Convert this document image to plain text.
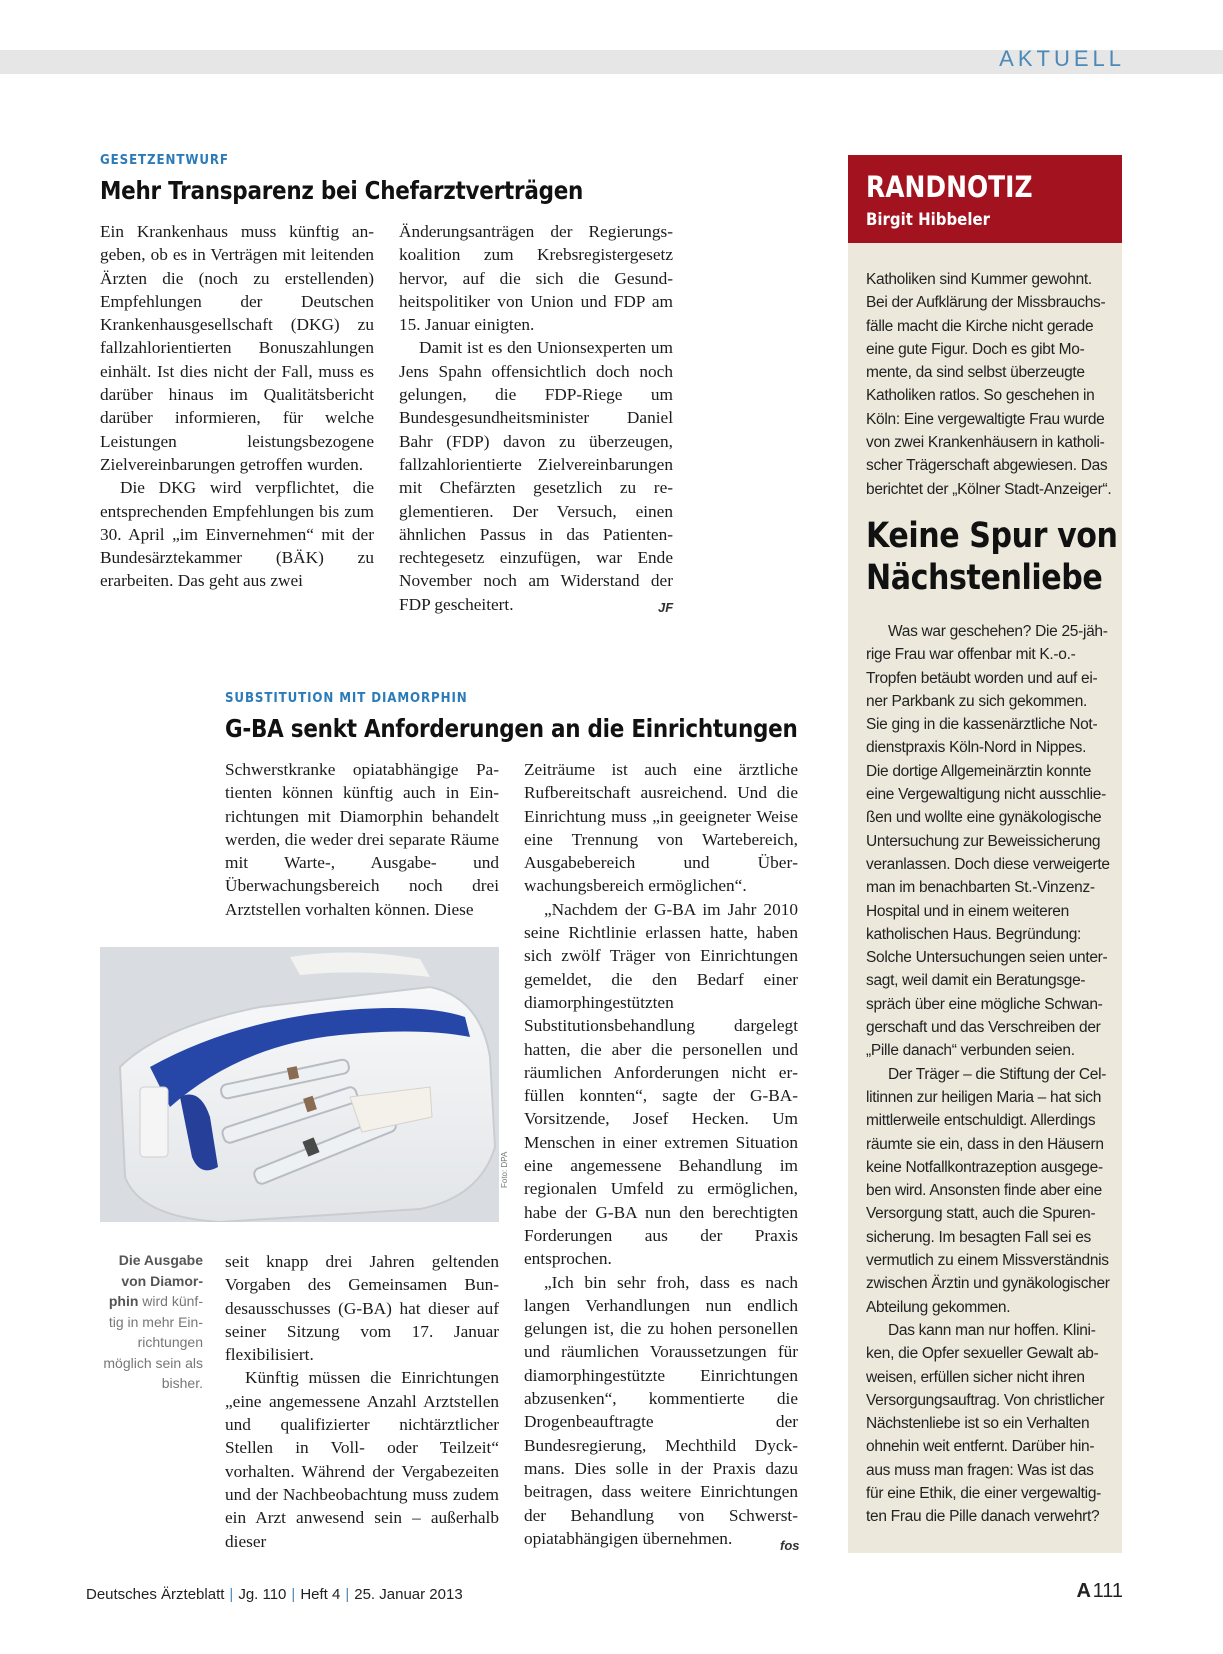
AKTUELL
GESETZENTWURF
Mehr Transparenz bei Chefarztverträgen

Ein Krankenhaus muss künftig angeben, ob es in Verträgen mit leitenden Ärzten die (noch zu erstellenden) Empfehlungen der Deutschen Krankenhausgesellschaft (DKG) zu fallzahlorientierten Bonuszahlungen einhält. Ist dies nicht der Fall, muss es darüber hinaus im Qualitätsbericht darüber informieren, für welche Leistungen leistungsbezogene Zielvereinbarungen getroffen wurden.

Die DKG wird verpflichtet, die entsprechenden Empfehlungen bis zum 30. April „im Einvernehmen“ mit der Bundesärztekammer (BÄK) zu erarbeiten. Das geht aus zwei

Änderungsanträgen der Regierungskoalition zum Krebsregistergesetz hervor, auf die sich die Gesundheitspolitiker von Union und FDP am 15. Januar einigten.

Damit ist es den Unionsexperten um Jens Spahn offensichtlich doch noch gelungen, die FDP-Riege um Bundesgesundheitsminister Daniel Bahr (FDP) davon zu überzeugen, fallzahlorientierte Zielvereinbarungen mit Chefärzten gesetzlich zu reglementieren. Der Versuch, einen ähnlichen Passus in das Patientenrechtegesetz einzufügen, war Ende November noch am Widerstand der FDP gescheitert.	JF
SUBSTITUTION MIT DIAMORPHIN
G-BA senkt Anforderungen an die Einrichtungen

Schwerstkranke opiatabhängige Patienten können künftig auch in Einrichtungen mit Diamorphin behandelt werden, die weder drei separate Räume mit Warte-, Ausgabe- und Überwachungsbereich noch drei Arztstellen vorhalten können. Diese

Foto: DPA
Die Ausgabe von Diamorphin wird künftig in mehr Einrichtungen möglich sein als bisher.

seit knapp drei Jahren geltenden Vorgaben des Gemeinsamen Bundesausschusses (G-BA) hat dieser auf seiner Sitzung vom 17. Januar flexibilisiert.

Künftig müssen die Einrichtungen „eine angemessene Anzahl Arztstellen und qualifizierter nichtärztlicher Stellen in Voll- oder Teilzeit“ vorhalten. Während der Vergabezeiten und der Nachbeobachtung muss zudem ein Arzt anwesend sein – außerhalb dieser

Zeiträume ist auch eine ärztliche Rufbereitschaft ausreichend. Und die Einrichtung muss „in geeigneter Weise eine Trennung von Wartebereich, Ausgabebereich und Überwachungsbereich ermöglichen“.

„Nachdem der G-BA im Jahr 2010 seine Richtlinie erlassen hatte, haben sich zwölf Träger von Einrichtungen gemeldet, die den Bedarf einer diamorphingestützten Substitutionsbehandlung dargelegt hatten, die aber die personellen und räumlichen Anforderungen nicht erfüllen konnten“, sagte der G-BA-Vorsitzende, Josef Hecken. Um Menschen in einer extremen Situation eine angemessene Behandlung im regionalen Umfeld zu ermöglichen, habe der G-BA nun den berechtigten Forderungen aus der Praxis entsprochen.

„Ich bin sehr froh, dass es nach langen Verhandlungen nun endlich gelungen ist, die zu hohen personellen und räumlichen Voraussetzungen für diamorphingestützte Einrichtungen abzusenken“, kommentierte die Drogenbeauftragte der Bundesregierung, Mechthild Dyckmans. Dies solle in der Praxis dazu beitragen, dass weitere Einrichtungen der Behandlung von Schwerstopiatabhängigen übernehmen.	fos
RANDNOTIZ
Birgit Hibbeler

Katholiken sind Kummer gewohnt. Bei der Aufklärung der Missbrauchsfälle macht die Kirche nicht gerade eine gute Figur. Doch es gibt Momente, da sind selbst überzeugte Katholiken ratlos. So geschehen in Köln: Eine vergewaltigte Frau wurde von zwei Krankenhäusern in katholischer Trägerschaft abgewiesen. Das berichtet der „Kölner Stadt-Anzeiger“.

Keine Spur von Nächstenliebe

Was war geschehen? Die 25-jährige Frau war offenbar mit K.-o.-Tropfen betäubt worden und auf einer Parkbank zu sich gekommen. Sie ging in die kassenärztliche Notdienstpraxis Köln-Nord in Nippes. Die dortige Allgemeinärztin konnte eine Vergewaltigung nicht ausschließen und wollte eine gynäkologische Untersuchung zur Beweissicherung veranlassen. Doch diese verweigerte man im benachbarten St.-Vinzenz-Hospital und in einem weiteren katholischen Haus. Begründung: Solche Untersuchungen seien untersagt, weil damit ein Beratungsgespräch über eine mögliche Schwangerschaft und das Verschreiben der „Pille danach“ verbunden seien.

Der Träger – die Stiftung der Cellitinnen zur heiligen Maria – hat sich mittlerweile entschuldigt. Allerdings räumte sie ein, dass in den Häusern keine Notfallkontrazeption ausgegeben wird. Ansonsten finde aber eine Versorgung statt, auch die Spurensicherung. Im besagten Fall sei es vermutlich zu einem Missverständnis zwischen Ärztin und gynäkologischer Abteilung gekommen.

Das kann man nur hoffen. Kliniken, die Opfer sexueller Gewalt abweisen, erfüllen sicher nicht ihren Versorgungsauftrag. Von christlicher Nächstenliebe ist so ein Verhalten ohnehin weit entfernt. Darüber hinaus muss man fragen: Was ist das für eine Ethik, die einer vergewaltigten Frau die Pille danach verwehrt?

Deutsches Ärzteblatt | Jg. 110 | Heft 4 | 25. Januar 2013	A 111
